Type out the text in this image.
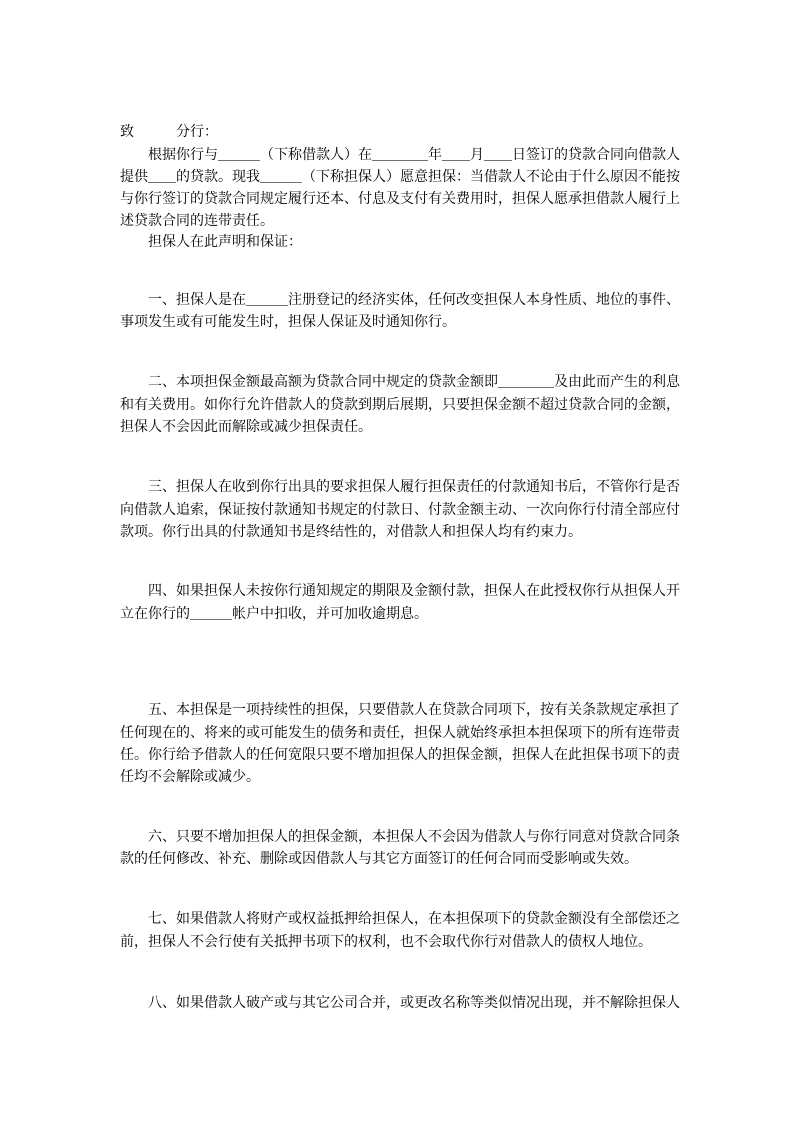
致	分行：
根据你行与＿＿＿（下称借款人）在＿＿＿＿年＿＿月＿＿日签订的贷款合同向借款人
提供＿＿的贷款。现我＿＿＿（下称担保人）愿意担保：当借款人不论由于什么原因不能按
与你行签订的贷款合同规定履行还本、付息及支付有关费用时，担保人愿承担借款人履行上
述贷款合同的连带责任。
担保人在此声明和保证：
一、担保人是在＿＿＿注册登记的经济实体，任何改变担保人本身性质、地位的事件、
事项发生或有可能发生时，担保人保证及时通知你行。
二、本项担保金额最高额为贷款合同中规定的贷款金额即＿＿＿＿及由此而产生的利息
和有关费用。如你行允许借款人的贷款到期后展期，只要担保金额不超过贷款合同的金额，
担保人不会因此而解除或减少担保责任。
三、担保人在收到你行出具的要求担保人履行担保责任的付款通知书后，不管你行是否
向借款人追索，保证按付款通知书规定的付款日、付款金额主动、一次向你行付清全部应付
款项。你行出具的付款通知书是终结性的，对借款人和担保人均有约束力。
四、如果担保人未按你行通知规定的期限及金额付款，担保人在此授权你行从担保人开
立在你行的＿＿＿帐户中扣收，并可加收逾期息。
五、本担保是一项持续性的担保，只要借款人在贷款合同项下，按有关条款规定承担了
任何现在的、将来的或可能发生的债务和责任，担保人就始终承担本担保项下的所有连带责
任。你行给予借款人的任何宽限只要不增加担保人的担保金额，担保人在此担保书项下的责
任均不会解除或减少。
六、只要不增加担保人的担保金额，本担保人不会因为借款人与你行同意对贷款合同条
款的任何修改、补充、删除或因借款人与其它方面签订的任何合同而受影响或失效。
七、如果借款人将财产或权益抵押给担保人，在本担保项下的贷款金额没有全部偿还之
前，担保人不会行使有关抵押书项下的权利，也不会取代你行对借款人的债权人地位。
八、如果借款人破产或与其它公司合并，或更改名称等类似情况出现，并不解除担保人
